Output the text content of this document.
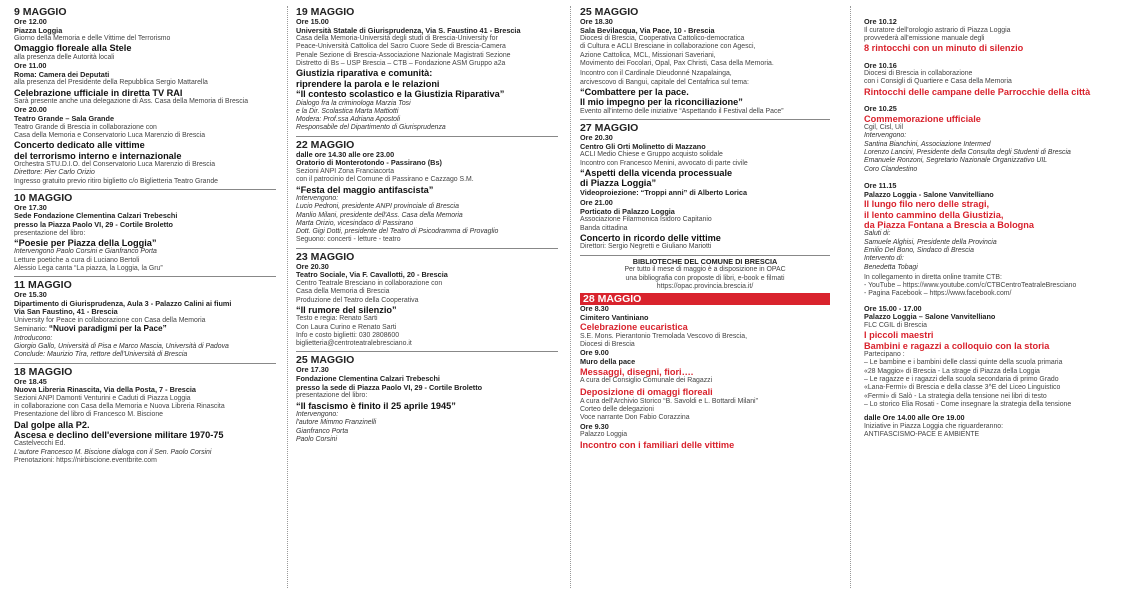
9 MAGGIO
Ore 12.00
Piazza Loggia
Giorno della Memoria e delle Vittime del Terrorismo
Omaggio floreale alla Stele
alla presenza delle Autorità locali
Ore 11.00
Roma: Camera dei Deputati
alla presenza del Presidente della Repubblica Sergio Mattarella
Celebrazione ufficiale in diretta TV RAI
Sarà presente anche una delegazione di Ass. Casa della Memoria di Brescia
Ore 20.00
Teatro Grande – Sala Grande
Teatro Grande di Brescia in collaborazione con
Casa della Memoria e Conservatorio Luca Marenzio di Brescia
Concerto dedicato alle vittime
del terrorismo interno e internazionale
Orchestra STU.D.I.O. del Conservatorio Luca Marenzio di Brescia
Direttore: Pier Carlo Orizio
Ingresso gratuito previo ritiro biglietto c/o Biglietteria Teatro Grande
10 MAGGIO
Ore 17.30
Sede Fondazione Clementina Calzari Trebeschi
presso la Piazza Paolo VI, 29 - Cortile Broletto
presentazione del libro:
“Poesie per Piazza della Loggia”
Intervengono Paolo Corsini e Gianfranco Porta
Letture poetiche a cura di Luciano Bertoli
Alessio Lega canta “La piazza, la Loggia, la Gru”
11 MAGGIO
Ore 15.30
Dipartimento di Giurisprudenza, Aula 3 - Palazzo Calini ai fiumi
Via San Faustino, 41 - Brescia
University for Peace in collaborazione con Casa della Memoria
Seminario: “Nuovi paradigmi per la Pace”
Introducono:
Giorgio Gallo, Università di Pisa e Marco Mascia, Università di Padova
Conclude: Maurizio Tira, rettore dell'Università di Brescia
18 MAGGIO
Ore 18.45
Nuova Libreria Rinascita, Via della Posta, 7 - Brescia
Sezioni ANPI Damonti Venturini e Caduti di Piazza Loggia
in collaborazione con Casa della Memoria e Nuova Libreria Rinascita
Presentazione del libro di Francesco M. Biscione
Dal golpe alla P2.
Ascesa e declino dell'eversione militare 1970-75
Castelvecchi Ed.
L'autore Francesco M. Biscione dialoga con il Sen. Paolo Corsini
Prenotazioni: https://nirbiscione.eventbrite.com
19 MAGGIO
Ore 15.00
Università Statale di Giurisprudenza, Via S. Faustino 41 - Brescia
Casa della Memoria-Università degli studi di Brescia-University for
Peace-Università Cattolica del Sacro Cuore Sede di Brescia-Camera
Penale Sezione di Brescia-Associazione Nazionale Magistrati Sezione
Distretto di Bs – USP Brescia – CTB – Fondazione ASM Gruppo a2a
Giustizia riparativa e comunità:
riprendere la parola e le relazioni
“Il contesto scolastico e la Giustizia Riparativa”
Dialogo fra la criminologa Marzia Tosi
e la Dir. Scolastica Marta Mattiotti
Modera: Prof.ssa Adriana Apostoli
Responsabile del Dipartimento di Giurisprudenza
22 MAGGIO
dalle ore 14.30 alle ore 23.00
Oratorio di Monterotondo - Passirano (Bs)
Sezioni ANPI Zona Franciacorta
con il patrocinio del Comune di Passirano e Cazzago S.M.
“Festa del maggio antifascista”
Intervengono:
Lucio Pedroni, presidente ANPI provinciale di Brescia
Manlio Milani, presidente dell'Ass. Casa della Memoria
Marta Orizio, vicesindaco di Passirano
Dott. Gigi Dotti, presidente del Teatro di Psicodramma di Provaglio
Seguono: concerti - letture - teatro
23 MAGGIO
Ore 20.30
Teatro Sociale, Via F. Cavallotti, 20 - Brescia
Centro Teatrale Bresciano in collaborazione con
Casa della Memoria di Brescia
Produzione del Teatro della Cooperativa
“Il rumore del silenzio”
Testo e regia: Renato Sarti
Con Laura Curino e Renato Sarti
Info e costo biglietti: 030 2808600
biglietteria@centroteatralebresciano.it
25 MAGGIO
Ore 17.30
Fondazione Clementina Calzari Trebeschi
presso la sede di Piazza Paolo VI, 29 - Cortile Broletto
presentazione del libro:
“Il fascismo è finito il 25 aprile 1945”
Intervengono:
l'autore Mimmo Franzinelli
Gianfranco Porta
Paolo Corsini
25 MAGGIO
Ore 18.30
Sala Bevilacqua, Via Pace, 10 - Brescia
Diocesi di Brescia, Cooperativa Cattolico-democratica
di Cultura e ACLI Bresciane in collaborazione con Agesci,
Azione Cattolica, MCL, Missionari Saveriani,
Movimento dei Focolari, Opal, Pax Christi, Casa della Memoria.
Incontro con il Cardinale Dieudonné Nzapalainga,
arcivescovo di Bangui, capitale del Centafrica sul tema:
“Combattere per la pace.
Il mio impegno per la riconciliazione”
Evento all'interno delle iniziative “Aspettando il Festival della Pace”
27 MAGGIO
Ore 20.30
Centro Gli Orti Molinetto di Mazzano
ACLI Medio Chiese e Gruppo acquisto solidale
Incontro con Francesco Menini, avvocato di parte civile
“Aspetti della vicenda processuale
di Piazza Loggia”
Videoproiezione: “Troppi anni” di Alberto Lorica
Ore 21.00
Porticato di Palazzo Loggia
Associazione Filarmonica Isidoro Capitanio
Banda cittadina
Concerto in ricordo delle vittime
Direttori: Sergio Negretti e Giuliano Mariotti
BIBLIOTECHE DEL COMUNE DI BRESCIA
Per tutto il mese di maggio è a disposizione in OPAC
una bibliografia con proposte di libri, e-book e filmati
https://opac.provincia.brescia.it/
28 MAGGIO
Ore 8.30
Cimitero Vantiniano
Celebrazione eucaristica
S.E. Mons. Pierantonio Tremolada Vescovo di Brescia,
Diocesi di Brescia
Ore 9.00
Muro della pace
Messaggi, disegni, fiori….
A cura del Consiglio Comunale dei Ragazzi
Deposizione di omaggi floreali
A cura dell'Archivio Storico “B. Savoldi e L. Bottardi Milani”
Corteo delle delegazioni
Voce narrante Don Fabio Corazzina
Ore 9.30
Palazzo Loggia
Incontro con i familiari delle vittime
Ore 10.12
Il curatore dell'orologio astrario di Piazza Loggia
provvederà all'emissione manuale degli
8 rintocchi con un minuto di silenzio
Ore 10.16
Diocesi di Brescia in collaborazione
con i Consigli di Quartiere e Casa della Memoria
Rintocchi delle campane delle Parrocchie della città
Ore 10.25
Commemorazione ufficiale
Cgil, Cisl, Uil
Intervengono:
Santina Bianchini, Associazione Intermed
Lorenzo Lancini, Presidente della Consulta degli Studenti di Brescia
Emanuele Ronzoni, Segretario Nazionale Organizzativo UIL
Coro Clandestino
Ore 11.15
Palazzo Loggia - Salone Vanvitelliano
Il lungo filo nero delle stragi,
il lento cammino della Giustizia,
da Piazza Fontana a Brescia a Bologna
Saluti di:
Samuele Alghisi, Presidente della Provincia
Emilio Del Bono, Sindaco di Brescia
Intervento di:
Benedetta Tobagi
In collegamento in diretta online tramite CTB:
- YouTube – https://www.youtube.com/c/CTBCentroTeatraleBresciano
- Pagina Facebook – https://www.facebook.com/
Ore 15.00 - 17.00
Palazzo Loggia – Salone Vanvitelliano
FLC CGIL di Brescia
I piccoli maestri
Bambini e ragazzi a colloquio con la storia
Partecipano :
– Le bambine e i bambini delle classi quinte della scuola primaria
«28 Maggio» di Brescia - La strage di Piazza della Loggia
– Le ragazze e i ragazzi della scuola secondaria di primo Grado
«Lana-Fermi» di Brescia e della classe 3^E del Liceo Linguistico
«Fermi» di Salò - La strategia della tensione nei libri di testo
– Lo storico Elia Rosati - Come insegnare la strategia della tensione
dalle Ore 14.00 alle Ore 19.00
Iniziative in Piazza Loggia che riguarderanno:
ANTIFASCISMO-PACE E AMBIENTE
